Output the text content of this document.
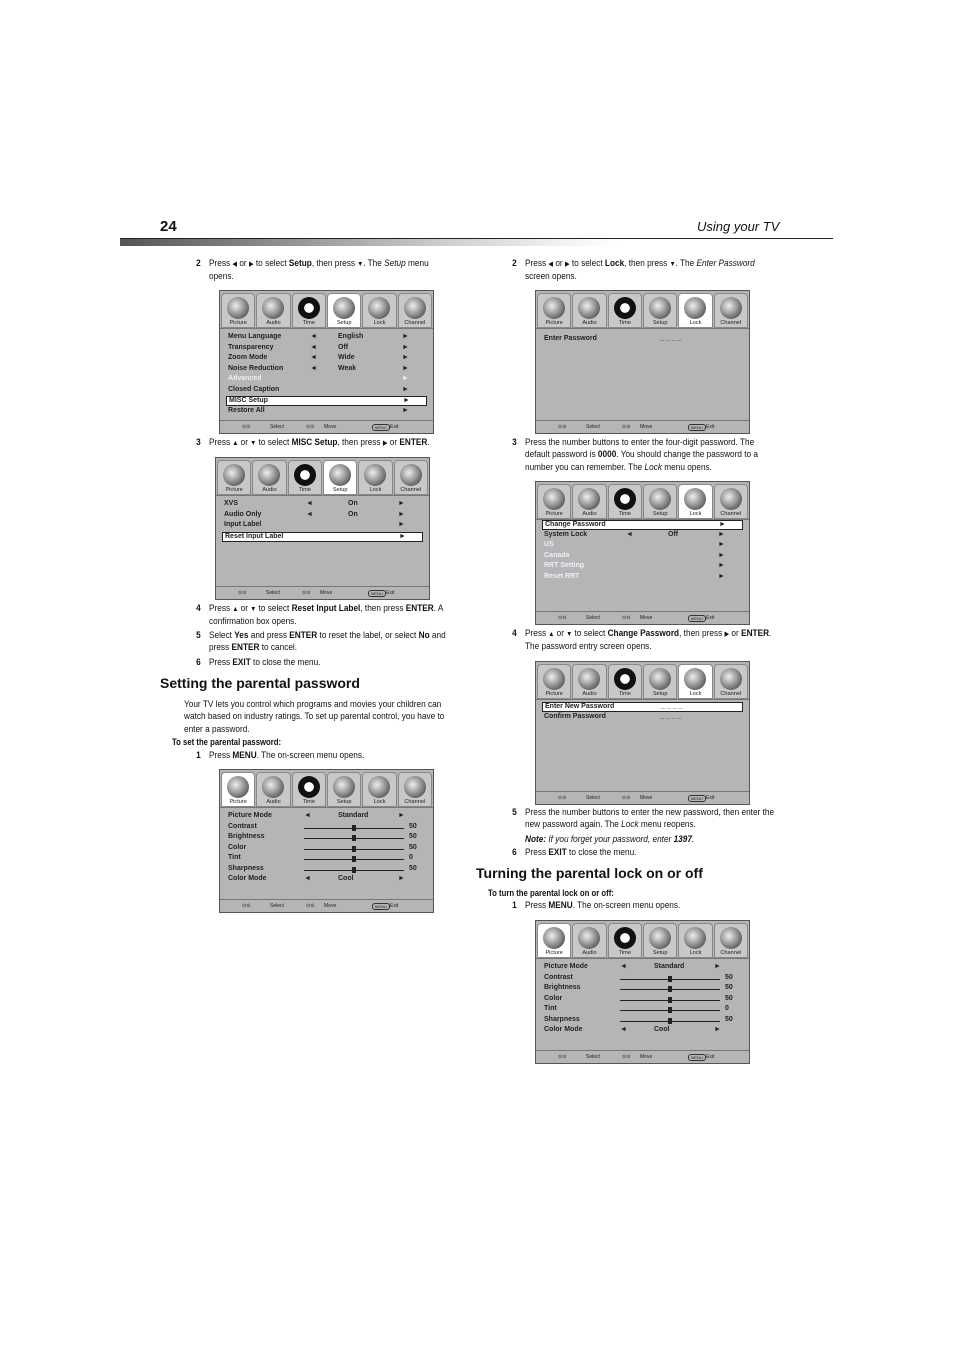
24	Using your TV
2 Press ◀ or ▶ to select Setup, then press ▼. The Setup menu opens.
Picture	Audio	Time	Setup	Lock	Channel
Menu Language	◄	English	►
Transparency	◄	Off	►
Zoom Mode	◄	Wide	►
Noise Reduction	◄	Weak	►
Advanced	►
Closed Caption	►
MISC Setup	►
Restore All	►
⊙⊙	⊙⊙
Select	Move	MENU Exit
3 Press ▲ or ▼ to select MISC Setup, then press ▶ or ENTER.
Picture	Audio	Time	Setup	Lock	Channel
XVS	◄	On	►
Audio Only	◄	On	►
Input Label	►
Reset Input Label	►
⊙⊙	⊙⊙
Select	Move	MENU Exit
4 Press ▲ or ▼ to select Reset Input Label, then press ENTER. A confirmation box opens.
5 Select Yes and press ENTER to reset the label, or select No and press ENTER to cancel.
6 Press EXIT to close the menu.
Setting the parental password
Your TV lets you control which programs and movies your children can watch based on industry ratings. To set up parental control, you have to enter a password.
To set the parental password:
1 Press MENU. The on-screen menu opens.
Picture	Audio	Time	Setup	Lock	Channel
Picture Mode	◄	Standard	►
Contrast	50
Brightness	50
Color	50
Tint	0
Sharpness	50
Color Mode	◄	Cool	►
⊙⊙	⊙⊙
Select	Move	MENU Exit
2 Press ◀ or ▶ to select Lock, then press ▼. The Enter Password screen opens.
Picture	Audio	Time	Setup	Lock	Channel
Enter Password	_ _ _ _
⊙⊙	⊙⊙
Select	Move	MENU Exit
3 Press the number buttons to enter the four-digit password. The default password is 0000. You should change the password to a number you can remember. The Lock menu opens.
Picture	Audio	Time	Setup	Lock	Channel
Change Password	►
System Lock	◄	Off	►
US	►
Canada	►
RRT Setting	►
Reset RRT	►
⊙⊙	⊙⊙
Select	Move	MENU Exit
4 Press ▲ or ▼ to select Change Password, then press ▶ or ENTER. The password entry screen opens.
Picture	Audio	Time	Setup	Lock	Channel
Enter New Password	_ _ _ _
Confirm Password	_ _ _ _
⊙⊙	⊙⊙
Select	Move	MENU Exit
5 Press the number buttons to enter the new password, then enter the new password again. The Lock menu reopens.
Note: If you forget your password, enter 1397.
6 Press EXIT to close the menu.
Turning the parental lock on or off
To turn the parental lock on or off:
1 Press MENU. The on-screen menu opens.
Picture	Audio	Time	Setup	Lock	Channel
Picture Mode	◄	Standard	►
Contrast	50
Brightness	50
Color	50
Tint	0
Sharpness	50
Color Mode	◄	Cool	►
⊙⊙	⊙⊙
Select	Move	MENU Exit
